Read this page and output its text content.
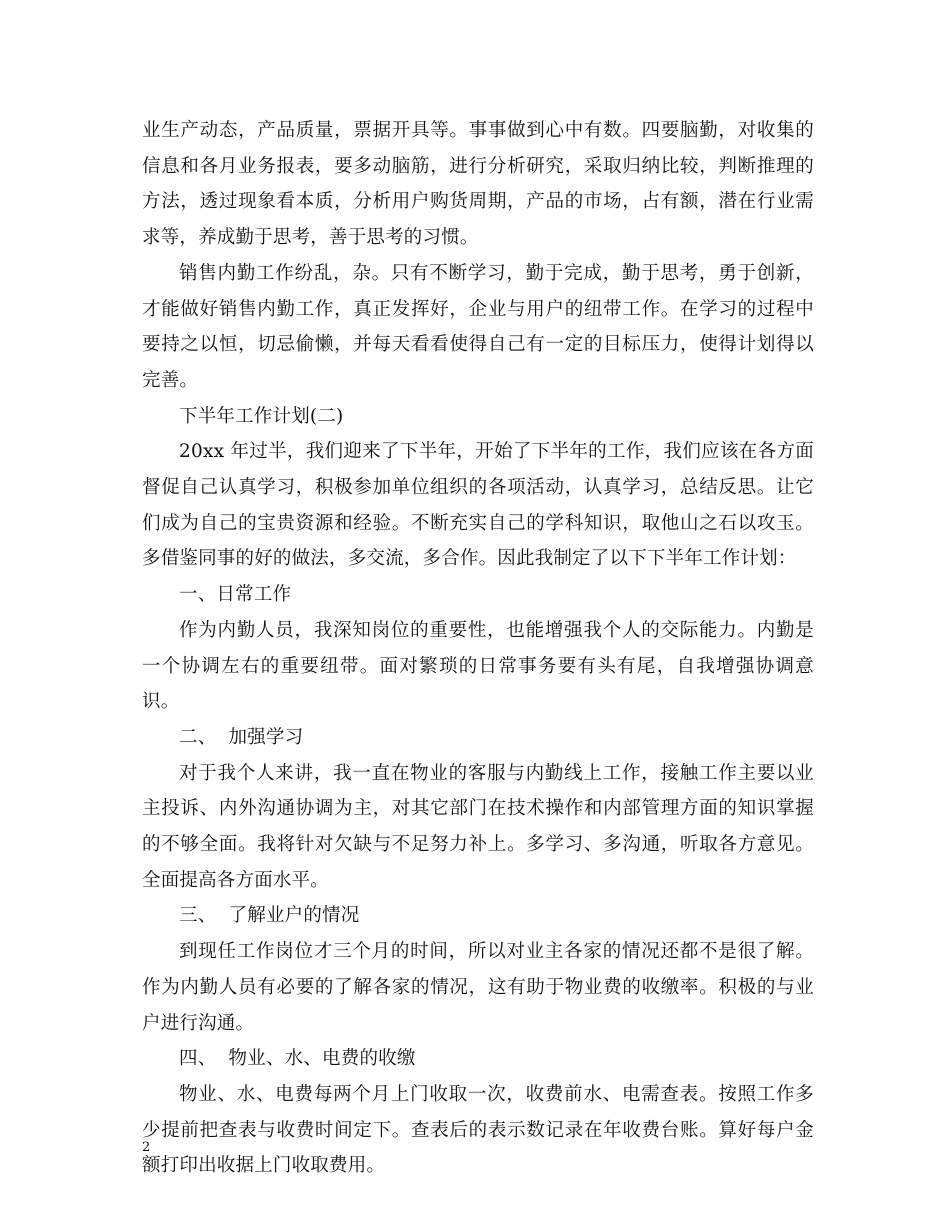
业生产动态，产品质量，票据开具等。事事做到心中有数。四要脑勤，对收集的信息和各月业务报表，要多动脑筋，进行分析研究，采取归纳比较，判断推理的方法，透过现象看本质，分析用户购货周期，产品的市场，占有额，潜在行业需求等，养成勤于思考，善于思考的习惯。

销售内勤工作纷乱，杂。只有不断学习，勤于完成，勤于思考，勇于创新，才能做好销售内勤工作，真正发挥好，企业与用户的纽带工作。在学习的过程中要持之以恒，切忌偷懒，并每天看看使得自己有一定的目标压力，使得计划得以完善。

下半年工作计划(二)

20xx 年过半，我们迎来了下半年，开始了下半年的工作，我们应该在各方面督促自己认真学习，积极参加单位组织的各项活动，认真学习，总结反思。让它们成为自己的宝贵资源和经验。不断充实自己的学科知识，取他山之石以攻玉。多借鉴同事的好的做法，多交流，多合作。因此我制定了以下下半年工作计划：

一、日常工作

作为内勤人员，我深知岗位的重要性，也能增强我个人的交际能力。内勤是一个协调左右的重要纽带。面对繁琐的日常事务要有头有尾，自我增强协调意识。

二、  加强学习

对于我个人来讲，我一直在物业的客服与内勤线上工作，接触工作主要以业主投诉、内外沟通协调为主，对其它部门在技术操作和内部管理方面的知识掌握的不够全面。我将针对欠缺与不足努力补上。多学习、多沟通，听取各方意见。全面提高各方面水平。

三、  了解业户的情况

到现任工作岗位才三个月的时间，所以对业主各家的情况还都不是很了解。作为内勤人员有必要的了解各家的情况，这有助于物业费的收缴率。积极的与业户进行沟通。

四、  物业、水、电费的收缴

物业、水、电费每两个月上门收取一次，收费前水、电需查表。按照工作多少提前把查表与收费时间定下。查表后的表示数记录在年收费台账。算好每户金额打印出收据上门收取费用。

2
